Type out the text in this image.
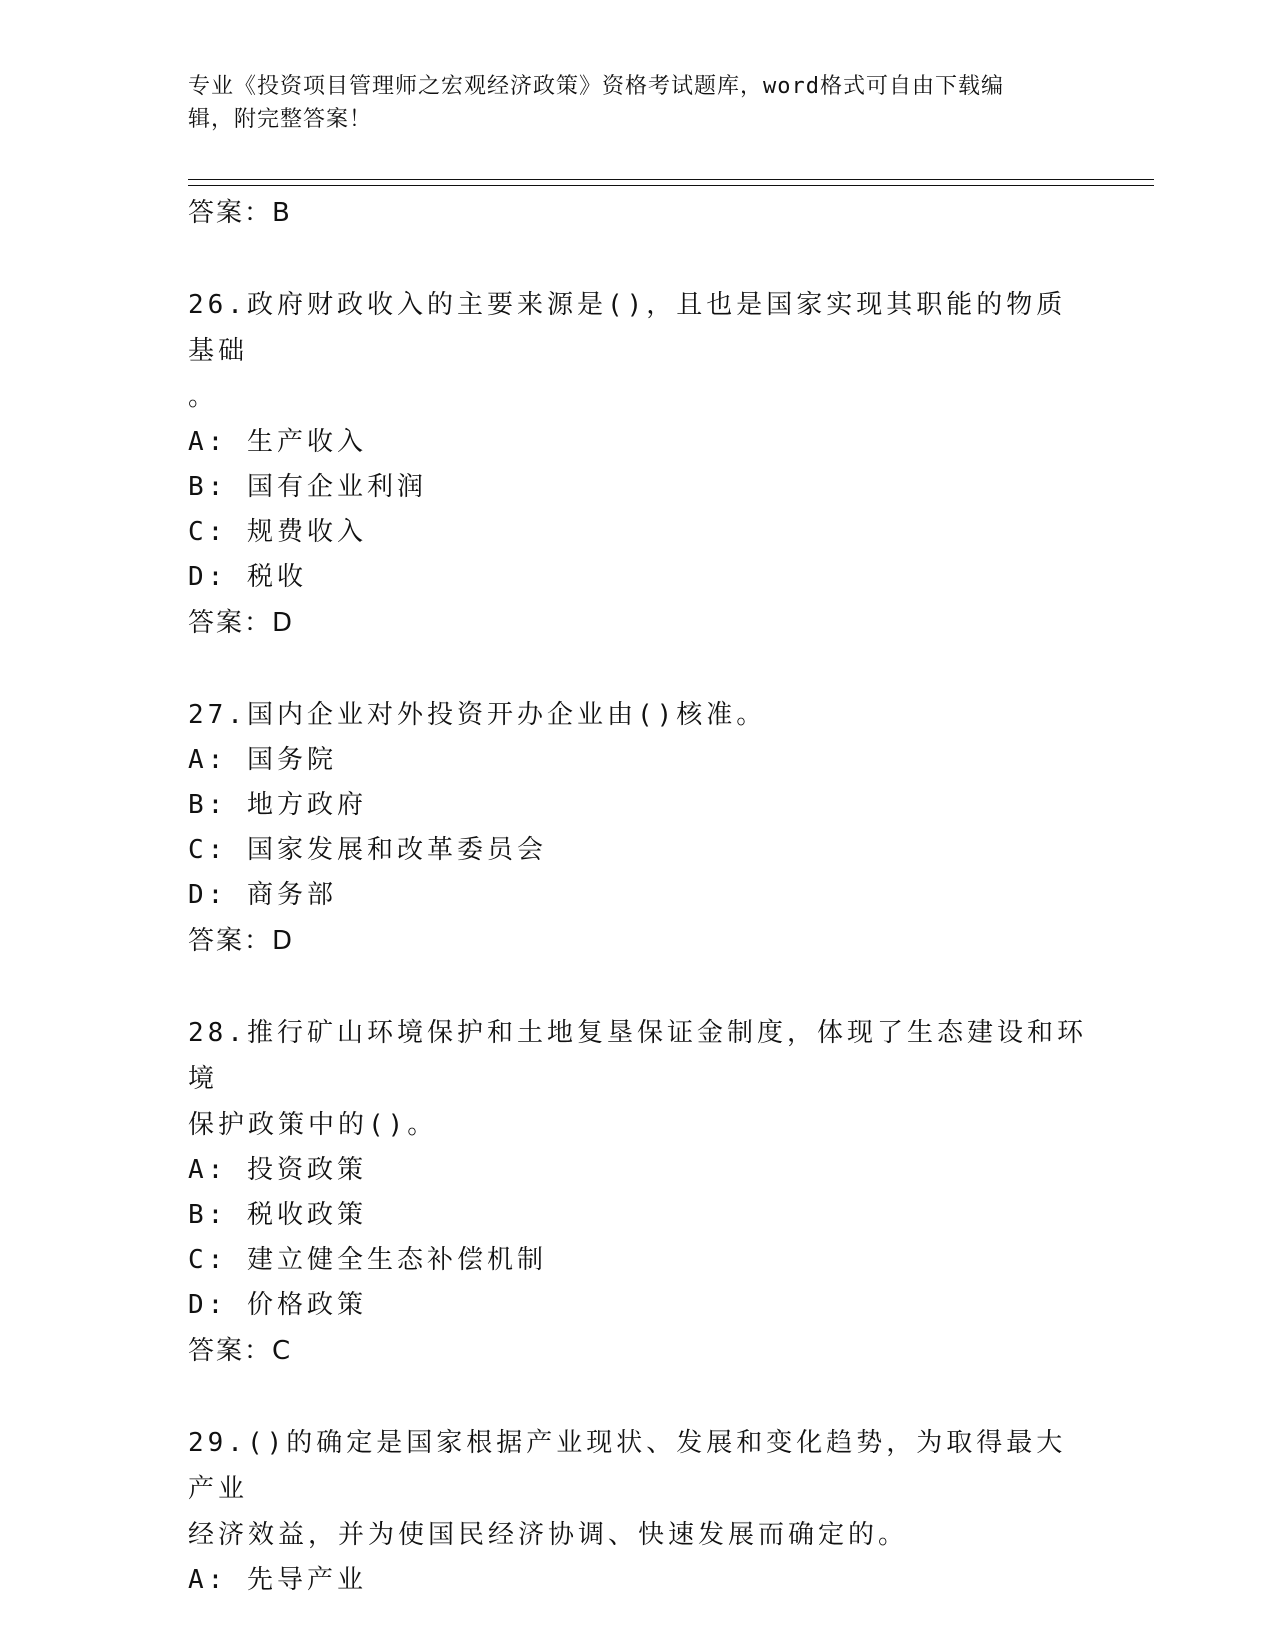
专业《投资项目管理师之宏观经济政策》资格考试题库，word格式可自由下载编
辑，附完整答案！
答案：B
26.政府财政收入的主要来源是()，且也是国家实现其职能的物质基础
。
A: 生产收入
B: 国有企业利润
C: 规费收入
D: 税收
答案：D
27.国内企业对外投资开办企业由()核准。
A: 国务院
B: 地方政府
C: 国家发展和改革委员会
D: 商务部
答案：D
28.推行矿山环境保护和土地复垦保证金制度，体现了生态建设和环境
保护政策中的()。
A: 投资政策
B: 税收政策
C: 建立健全生态补偿机制
D: 价格政策
答案：C
29.()的确定是国家根据产业现状、发展和变化趋势，为取得最大产业
经济效益，并为使国民经济协调、快速发展而确定的。
A: 先导产业
